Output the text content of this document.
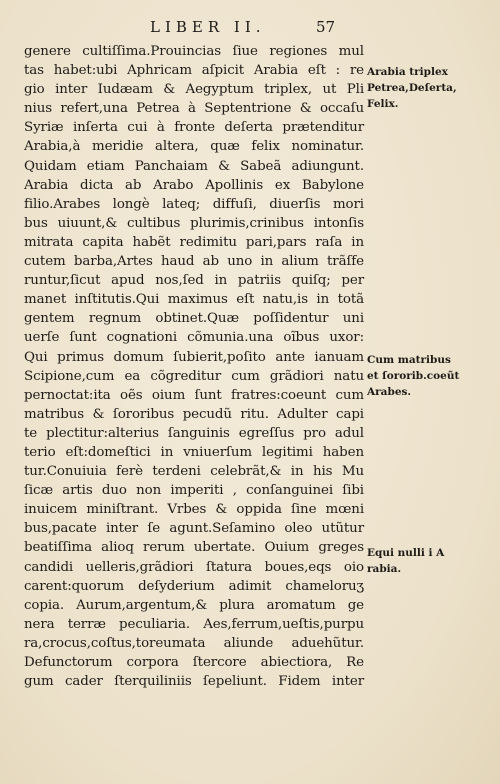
LIBER II.	57
genere cultiſſima.Prouincias ſiue regiones mul
tas habet:ubi Aphricam aſpicit Arabia eſt : re
gio inter Iudæam & Aegyptum triplex, ut Pli
nius refert,una Petrea à Septentrione & occaſu
Syriæ inſerta cui à fronte deſerta prætenditur
Arabia,à meridie altera, quæ felix nominatur.
Quidam etiam Panchaiam & Sabeã adiungunt.
Arabia dicta ab Arabo Apollinis ex Babylone
filio.Arabes longè lateq; diffuſi, diuerſis mori
bus uiuunt,& cultibus plurimis,crinibus intonſis
mitrata capita habẽt redimitu pari,pars raſa in
cutem barba,Artes haud ab uno in alium trãſfe
runtur,ſicut apud nos,ſed in patriis quiſq; per
manet inſtitutis.Qui maximus eſt natu,is in totã
gentem regnum obtinet.Quæ poſſidentur uni
uerſe ſunt cognationi cõmunia.una oĩbus uxor:
Qui primus domum ſubierit,poſito ante ianuam
Scipione,cum ea cõgreditur cum grãdiori natu
pernoctat:ita oẽs oium ſunt fratres:coeunt cum
matribus & ſororibus pecudũ ritu. Adulter capi
te plectitur:alterius ſanguinis egreſſus pro adul
terio eſt:domeſtici in vniuerſum legitimi haben
tur.Conuiuia ferè terdeni celebrãt,& in his Mu
ſicæ artis duo non imperiti , conſanguinei ſibi
inuicem miniſtrant. Vrbes & oppida ſine mœni
bus,pacate inter ſe agunt.Seſamino oleo utũtur
beatiſſima alioq rerum ubertate. Ouium greges
candidi uelleris,grãdiori ſtatura boues,eqs oio
carent:quorum deſyderium adimit chameloruʒ
copia. Aurum,argentum,& plura aromatum ge
nera terræ peculiaria. Aes,ferrum,ueſtis,purpu
ra,crocus,coſtus,toreumata aliunde aduehũtur.
Defunctorum corpora ſtercore abiectiora, Re
gum cader ſterquiliniis ſepeliunt. Fidem inter
Arabia triplex
Petrea,Deſerta,
Felix.
Cum matribus
et ſororib.coeũt
Arabes.
Equi nulli i A
rabia.
